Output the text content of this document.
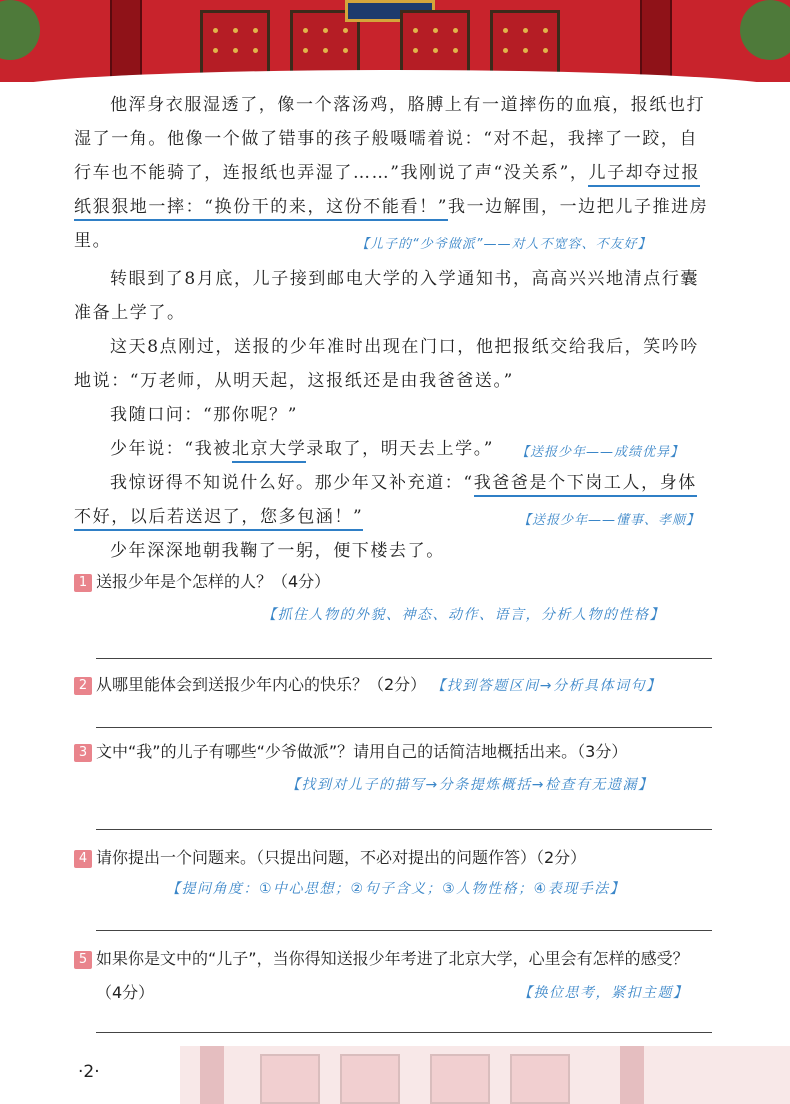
他浑身衣服湿透了，像一个落汤鸡，胳膊上有一道摔伤的血痕，报纸也打湿了一角。他像一个做了错事的孩子般嗫嚅着说：“对不起，我摔了一跤，自行车也不能骑了，连报纸也弄湿了……”我刚说了声“没关系”，儿子却夺过报纸狠狠地一摔：“换份干的来，这份不能看！”我一边解围，一边把儿子推进房里。	【儿子的“少爷做派”——对人不宽容、不友好】

转眼到了8月底，儿子接到邮电大学的入学通知书，高高兴兴地清点行囊准备上学了。

这天8点刚过，送报的少年准时出现在门口，他把报纸交给我后，笑吟吟地说：“万老师，从明天起，这报纸还是由我爸爸送。”

我随口问：“那你呢？”

少年说：“我被北京大学录取了，明天去上学。”	【送报少年——成绩优异】

我惊讶得不知说什么好。那少年又补充道：“我爸爸是个下岗工人，身体不好，以后若送迟了，您多包涵！”	【送报少年——懂事、孝顺】

少年深深地朝我鞠了一躬，便下楼去了。

1 送报少年是个怎样的人？（4分）
【抓住人物的外貌、神态、动作、语言，分析人物的性格】
2 从哪里能体会到送报少年内心的快乐？（2分） 【找到答题区间→分析具体词句】
3 文中“我”的儿子有哪些“少爷做派”？请用自己的话简洁地概括出来。（3分）
【找到对儿子的描写→分条提炼概括→检查有无遗漏】
4 请你提出一个问题来。（只提出问题，不必对提出的问题作答）（2分）
【提问角度：①中心思想；②句子含义；③人物性格；④表现手法】
5 如果你是文中的“儿子”，当你得知送报少年考进了北京大学，心里会有怎样的感受？
（4分）	【换位思考，紧扣主题】
·2·
